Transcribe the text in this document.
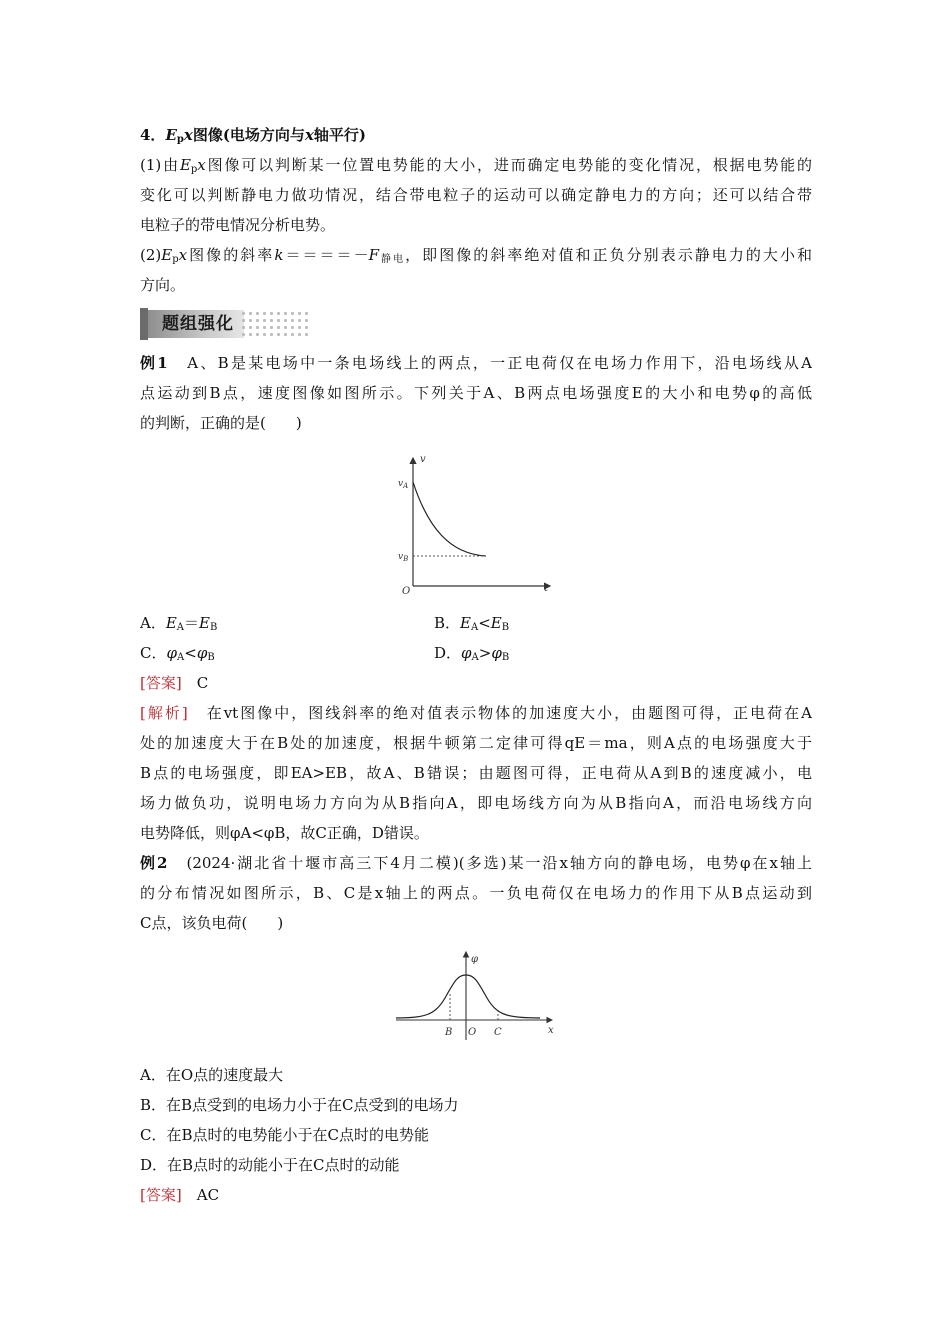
4．$E_px$图像(电场方向与x轴平行)
(1)由$E_px$图像可以判断某一位置电势能的大小，进而确定电势能的变化情况，根据电势能的
变化可以判断静电力做功情况，结合带电粒子的运动可以确定静电力的方向；还可以结合带
电粒子的带电情况分析电势。
$(2)E_px$图像的斜率$k====-F_{静电}$，即图像的斜率绝对值和正负分别表示静电力的大小和
方向。
题组强化
例1　 A、B是某电场中一条电场线上的两点，一正电荷仅在电场力作用下，沿电场线从A
点运动到B点，速度图像如图所示。下列关于A、B两点电场强度E的大小和电势φ的高低
的判断，正确的是(　　)
v
t
O
$v_A$
$v_B$
A．$E_A=E_B$	B．$E_A<E_B$
C．$\varphi_A<\varphi_B$	D．$\varphi_A>\varphi_B$
[答案]　 C
[解析]　 在vt图像中，图线斜率的绝对值表示物体的加速度大小，由题图可得，正电荷在A
处的加速度大于在B处的加速度，根据牛顿第二定律可得qE＝ma，则A点的电场强度大于
B点的电场强度，即EA>EB，故A、B错误；由题图可得，正电荷从A到B的速度减小，电
场力做负功，说明电场力方向为从B指向A，即电场线方向为从B指向A，而沿电场线方向
电势降低，则φA<φB，故C正确，D错误。
例2　 (2024·湖北省十堰市高三下4月二模)(多选)某一沿x轴方向的静电场，电势φ在x轴上
的分布情况如图所示，B、C是x轴上的两点。一负电荷仅在电场力的作用下从B点运动到
C点，该负电荷(　　)
φ
x
B O C
A．在O点的速度最大
B．在B点受到的电场力小于在C点受到的电场力
C．在B点时的电势能小于在C点时的电势能
D．在B点时的动能小于在C点时的动能
[答案]　 AC
